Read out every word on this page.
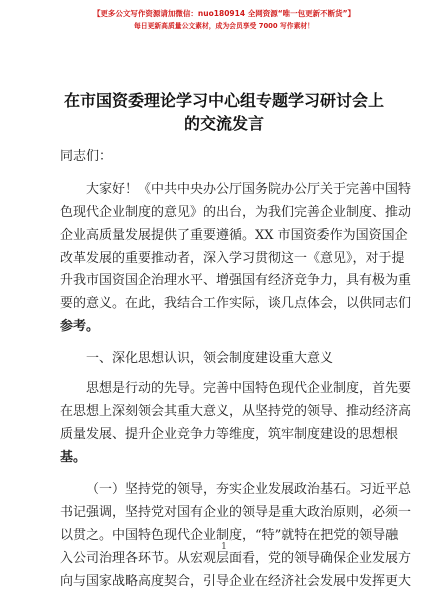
【更多公文写作资源请加微信：nuo180914 全网资源“唯一包更新不断货”】
每日更新高质量公文素材，成为会员享受 7000 写作素材！
在市国资委理论学习中心组专题学习研讨会上
的交流发言
同志们：
大家好！《中共中央办公厅国务院办公厅关于完善中国特
色现代企业制度的意见》的出台，为我们完善企业制度、推动
企业高质量发展提供了重要遵循。XX 市国资委作为国资国企
改革发展的重要推动者，深入学习贯彻这一《意见》，对于提
升我市国资国企治理水平、增强国有经济竞争力，具有极为重
要的意义。在此，我结合工作实际，谈几点体会，以供同志们
参考。
一、深化思想认识，领会制度建设重大意义
思想是行动的先导。完善中国特色现代企业制度，首先要
在思想上深刻领会其重大意义，从坚持党的领导、推动经济高
质量发展、提升企业竞争力等维度，筑牢制度建设的思想根
基。
（一）坚持党的领导，夯实企业发展政治基石。习近平总
书记强调，坚持党对国有企业的领导是重大政治原则，必须一
以贯之。中国特色现代企业制度，“特”就特在把党的领导融
入公司治理各环节。从宏观层面看，党的领导确保企业发展方
向与国家战略高度契合，引导企业在经济社会发展中发挥更大
1
